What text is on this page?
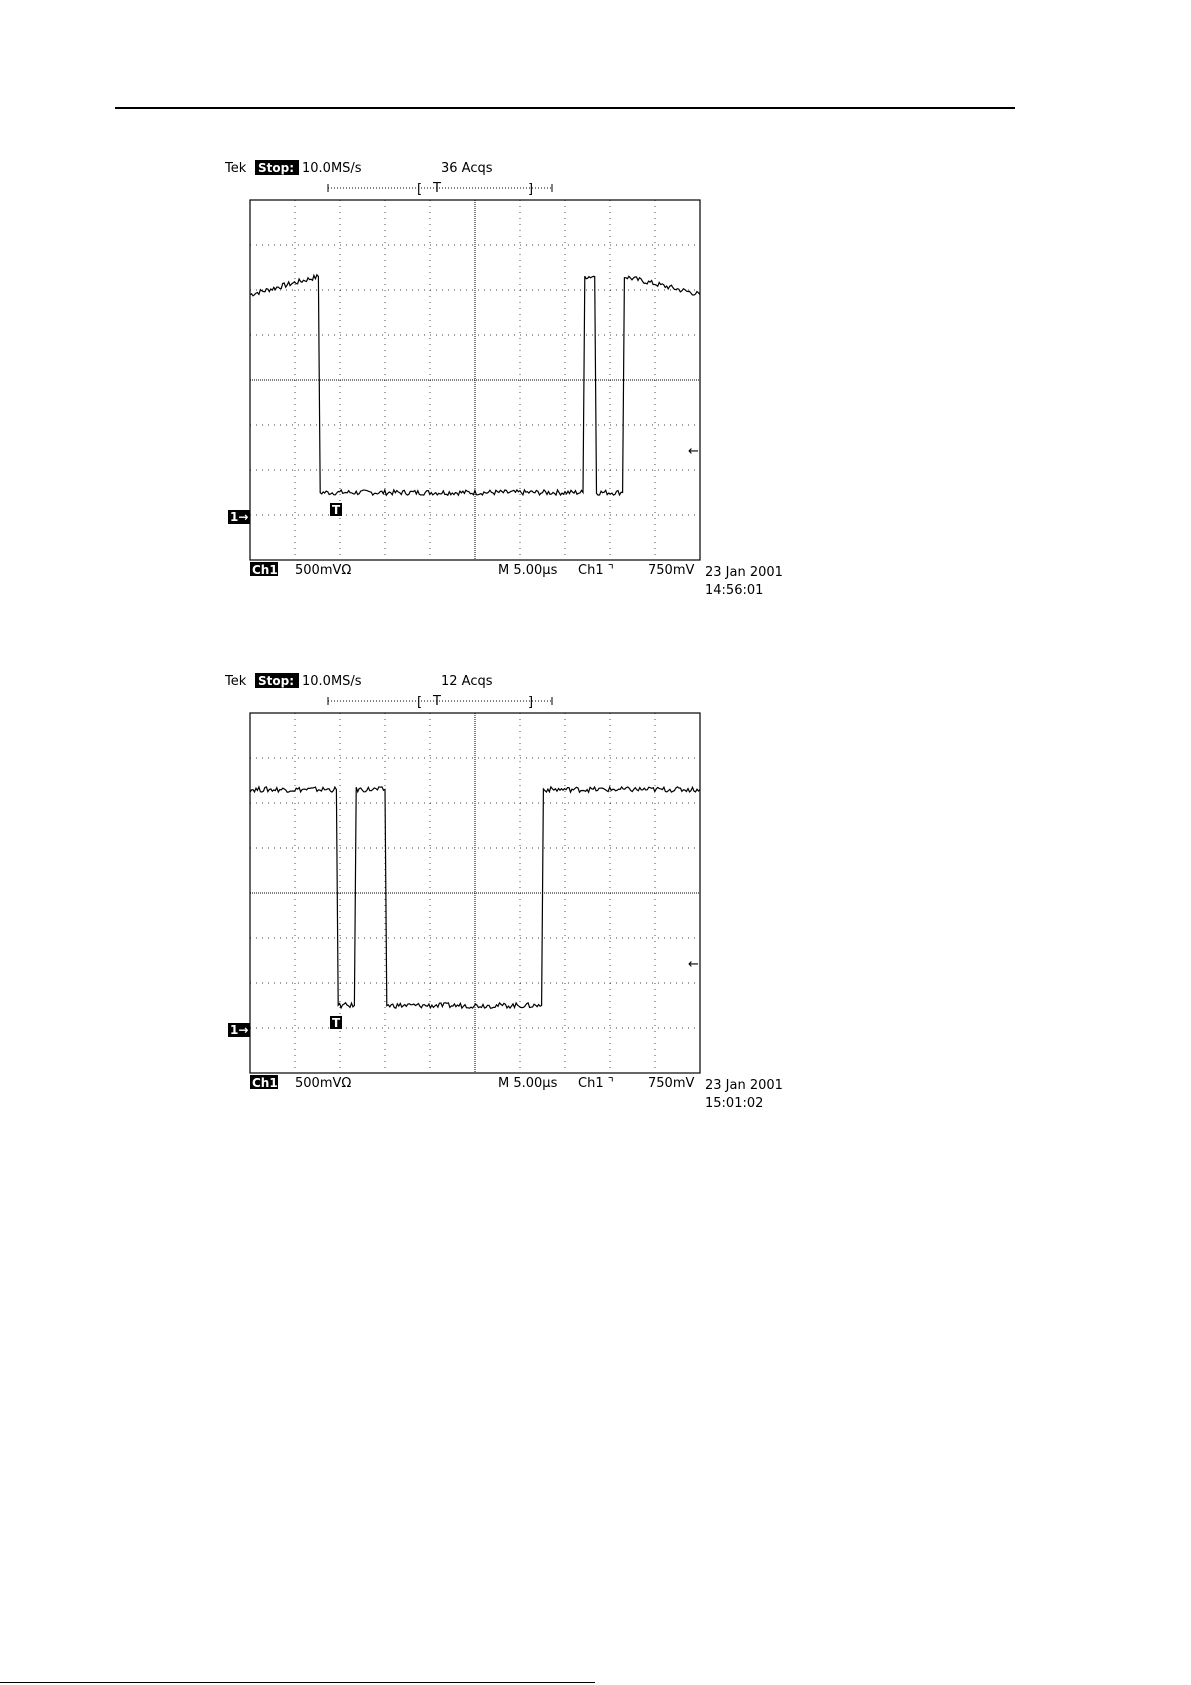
Tek Stop: 10.0MS/s	36 Acqs
[ T	]
T
1→
←
Ch1 500mVΩ	M 5.00µs Ch1 ⌝	750mV 23 Jan 2001
14:56:01
Tek Stop: 10.0MS/s	12 Acqs
[ T	]
T
1→
←
Ch1 500mVΩ	M 5.00µs Ch1 ⌝	750mV 23 Jan 2001
15:01:02
